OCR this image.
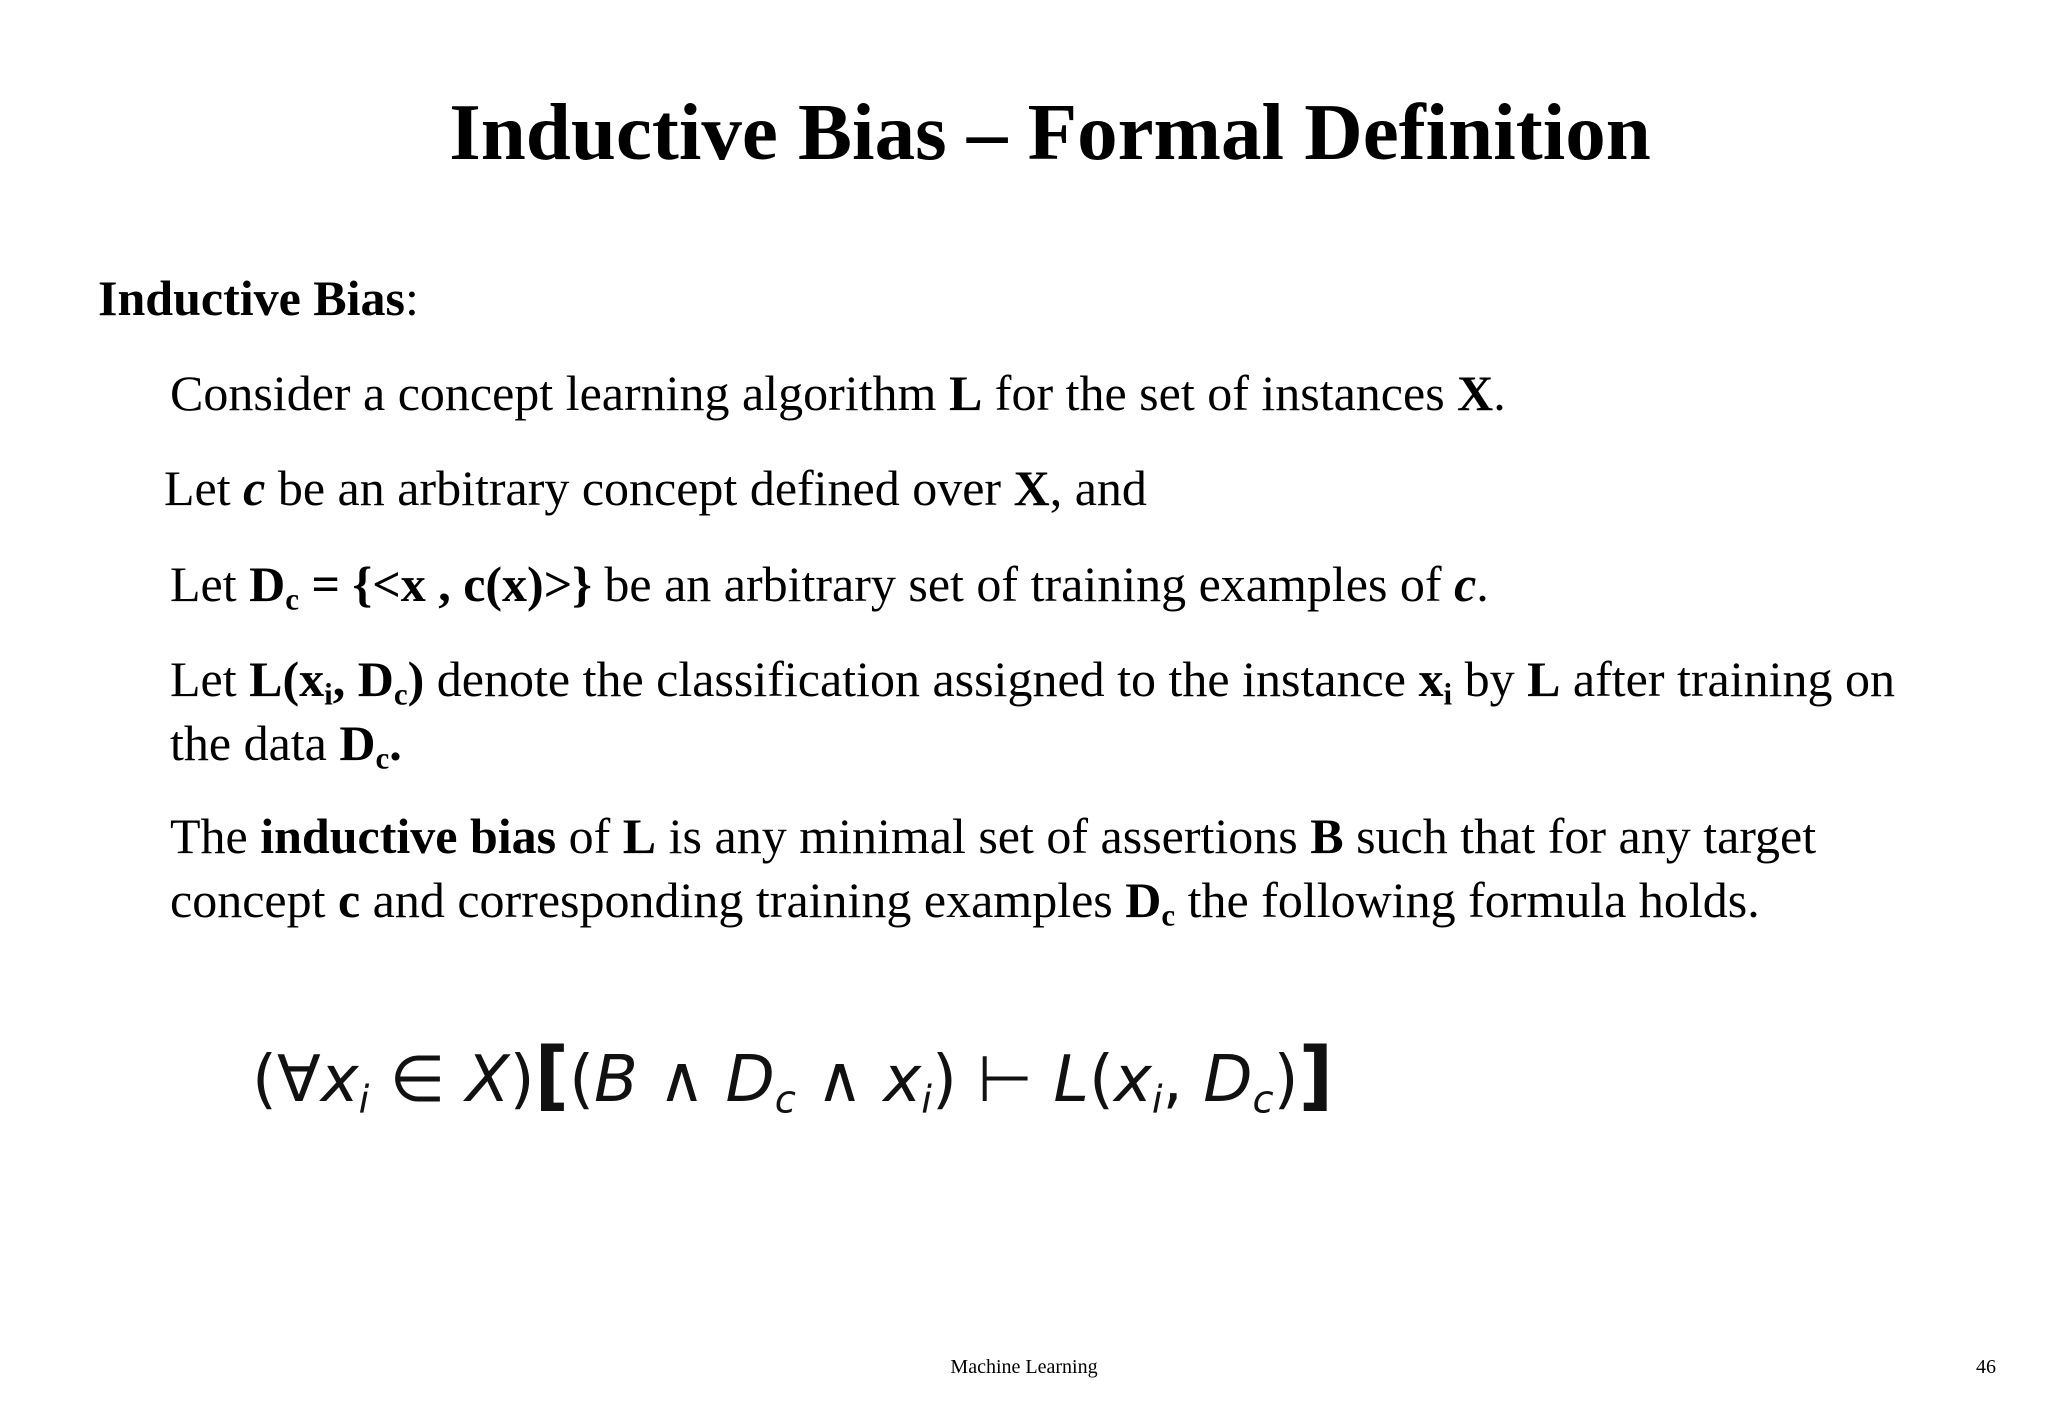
Inductive Bias – Formal Definition
Inductive Bias:
Consider a concept learning algorithm L for the set of instances X.
Let c be an arbitrary concept defined over X, and
Let $D_c = \{<x$ , c(x)>} be an arbitrary set of training examples of c.
Let $L(x_i$, $D_c$) denote the classification assigned to the instance $x_i$ by L after training on
the data $D_c$.
The inductive bias of L is any minimal set of assertions B such that for any target
concept c and corresponding training examples $D_c$ the following formula holds.
(∀xi ∈ X)[(B ∧ Dc ∧ xi) ⊢ L(xi, Dc)]
Machine Learning	46
